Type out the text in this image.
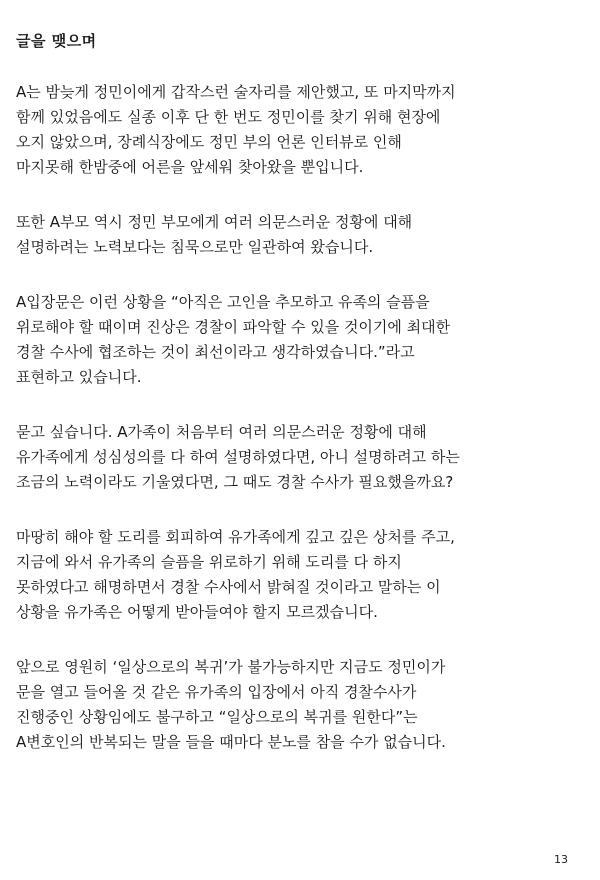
글을 맺으며
A는 밤늦게 정민이에게 갑작스런 술자리를 제안했고, 또 마지막까지
함께 있었음에도 실종 이후 단 한 번도 정민이를 찾기 위해 현장에
오지 않았으며, 장례식장에도 정민 부의 언론 인터뷰로 인해
마지못해 한밤중에 어른을 앞세워 찾아왔을 뿐입니다.
또한 A부모 역시 정민 부모에게 여러 의문스러운 정황에 대해
설명하려는 노력보다는 침묵으로만 일관하여 왔습니다.
A입장문은 이런 상황을 “아직은 고인을 추모하고 유족의 슬픔을
위로해야 할 때이며 진상은 경찰이 파악할 수 있을 것이기에 최대한
경찰 수사에 협조하는 것이 최선이라고 생각하였습니다.”라고
표현하고 있습니다.
묻고 싶습니다. A가족이 처음부터 여러 의문스러운 정황에 대해
유가족에게 성심성의를 다 하여 설명하였다면, 아니 설명하려고 하는
조금의 노력이라도 기울였다면, 그 때도 경찰 수사가 필요했을까요?
마땅히 해야 할 도리를 회피하여 유가족에게 깊고 깊은 상처를 주고,
지금에 와서 유가족의 슬픔을 위로하기 위해 도리를 다 하지
못하였다고 해명하면서 경찰 수사에서 밝혀질 것이라고 말하는 이
상황을 유가족은 어떻게 받아들여야 할지 모르겠습니다.
앞으로 영원히 ‘일상으로의 복귀’가 불가능하지만 지금도 정민이가
문을 열고 들어올 것 같은 유가족의 입장에서 아직 경찰수사가
진행중인 상황임에도 불구하고 “일상으로의 복귀를 원한다”는
A변호인의 반복되는 말을 들을 때마다 분노를 참을 수가 없습니다.
13
